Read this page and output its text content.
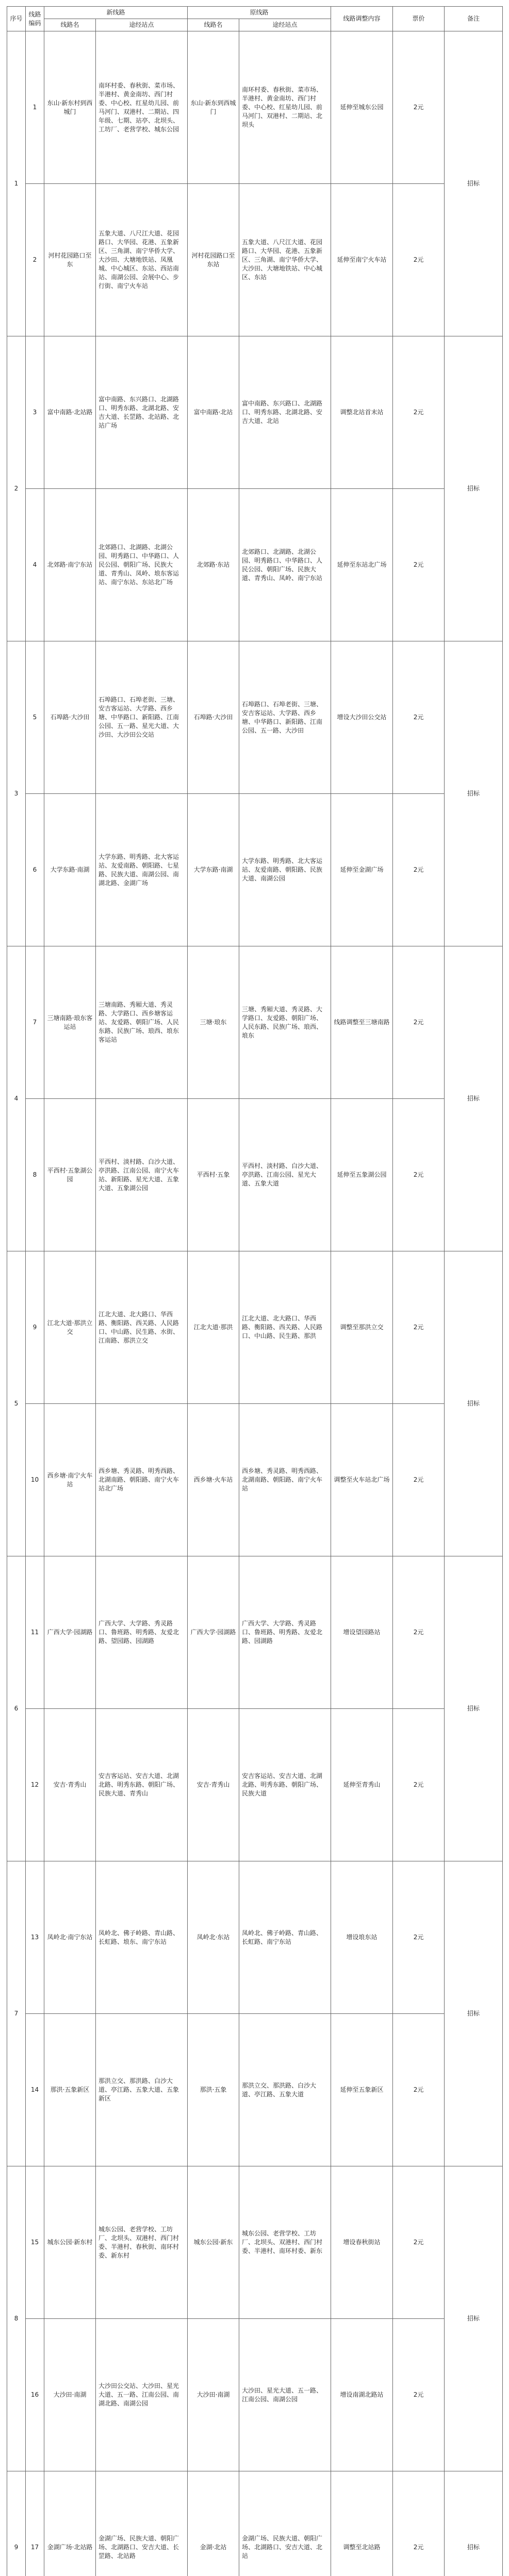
序号	线路编码	新线路		原线路		线路调整内容	票价	备注
		线路名	途经站点	线路名	途经站点			
1	1	东山·新东村到西城门	南环村委、春秋街、菜市场、半港村、黄金南坊、西门村委、中心校、红星幼儿园、前马河门、双港村、二期站、四年级、七期、站亭、北坝头、工坊厂、老营学校、城东公园	东山·新东到西城门	南环村委、春秋街、菜市场、半港村、黄金南坊、西门村委、中心校、红星幼儿园、前马河门、双港村、二期站、北坝头	延伸至城东公园	2元	招标
	2	河村花园路口至东	五象大道、八尺江大道、花园路口、大华园、花港、五象新区、三角湖、南宁华侨大学、大沙田、大塘地铁站、凤凰城、中心城区、东站、西站南站、南湖公园、会展中心、步行街、南宁火车站	河村花园路口至东站	五象大道、八尺江大道、花园路口、大华园、花港、五象新区、三角湖、南宁华侨大学、大沙田、大塘地铁站、中心城区、东站	延伸至南宁火车站	2元	
2	3	富中南路·北站路	富中南路、东兴路口、北湖路口、明秀东路、北湖北路、安吉大道、长罡路、北站路、北站广场	富中南路·北站	富中南路、东兴路口、北湖路口、明秀东路、北湖北路、安吉大道、北站	调整北站首末站	2元	招标
	4	北郊路·南宁东站	北郊路口、北湖路、北湖公园、明秀路口、中华路口、人民公园、朝阳广场、民族大道、青秀山、凤岭、埌东客运站、南宁东站、东站北广场	北郊路·东站	北郊路口、北湖路、北湖公园、明秀路口、中华路口、人民公园、朝阳广场、民族大道、青秀山、凤岭、南宁东站	延伸至东站北广场	2元	
3	5	石埠路·大沙田	石埠路口、石埠老街、三塘、安吉客运站、大学路、西乡塘、中华路口、新阳路、江南公园、五一路、星光大道、大沙田、大沙田公交站	石埠路·大沙田	石埠路口、石埠老街、三塘、安吉客运站、大学路、西乡塘、中华路口、新阳路、江南公园、五一路、大沙田	增设大沙田公交站	2元	招标
	6	大学东路·南湖	大学东路、明秀路、北大客运站、友爱南路、朝阳路、七星路、民族大道、南湖公园、南湖北路、金湖广场	大学东路·南湖	大学东路、明秀路、北大客运站、友爱南路、朝阳路、民族大道、南湖公园	延伸至金湖广场	2元	
4	7	三塘南路·琅东客运站	三塘南路、秀厢大道、秀灵路、大学路口、西乡塘客运站、友爱路、朝阳广场、人民东路、民族广场、琅西、埌东客运站	三塘·琅东	三塘、秀厢大道、秀灵路、大学路口、友爱路、朝阳广场、人民东路、民族广场、琅西、埌东	线路调整至三塘南路	2元	招标
	8	平西村·五象湖公园	平西村、淡村路、白沙大道、亭洪路、江南公园、南宁火车站、新阳路、星光大道、五象大道、五象湖公园	平西村·五象	平西村、淡村路、白沙大道、亭洪路、江南公园、星光大道、五象大道	延伸至五象湖公园	2元	
5	9	江北大道·那洪立交	江北大道、北大路口、华西路、衡阳路、西关路、人民路口、中山路、民生路、水街、江南路、那洪立交	江北大道·那洪	江北大道、北大路口、华西路、衡阳路、西关路、人民路口、中山路、民生路、那洪	调整至那洪立交	2元	招标
	10	西乡塘·南宁火车站	西乡塘、秀灵路、明秀西路、北湖南路、朝阳路、南宁火车站北广场	西乡塘·火车站	西乡塘、秀灵路、明秀西路、北湖南路、朝阳路、南宁火车站	调整至火车站北广场	2元	
6	11	广西大学·园湖路	广西大学、大学路、秀灵路口、鲁班路、明秀路、友爱北路、望园路、园湖路	广西大学·园湖路	广西大学、大学路、秀灵路口、鲁班路、明秀路、友爱北路、园湖路	增设望园路站	2元	招标
	12	安吉·青秀山	安吉客运站、安吉大道、北湖北路、明秀东路、朝阳广场、民族大道、青秀山	安吉·青秀山	安吉客运站、安吉大道、北湖北路、明秀东路、朝阳广场、民族大道	延伸至青秀山	2元	
7	13	凤岭北·南宁东站	凤岭北、佛子岭路、青山路、长虹路、埌东、南宁东站	凤岭北·东站	凤岭北、佛子岭路、青山路、长虹路、南宁东站	增设埌东站	2元	招标
	14	那洪·五象新区	那洪立交、那洪路、白沙大道、亭江路、五象大道、五象新区	那洪·五象	那洪立交、那洪路、白沙大道、亭江路、五象大道	延伸至五象新区	2元	
8	15	城东公园·新东村	城东公园、老营学校、工坊厂、北坝头、双港村、西门村委、半港村、春秋街、南环村委、新东村	城东公园·新东	城东公园、老营学校、工坊厂、北坝头、双港村、西门村委、半港村、南环村委、新东	增设春秋街站	2元	招标
	16	大沙田·南湖	大沙田公交站、大沙田、星光大道、五一路、江南公园、南湖北路、南湖公园	大沙田·南湖	大沙田、星光大道、五一路、江南公园、南湖公园	增设南湖北路站	2元	
9	17	金湖广场·北站路	金湖广场、民族大道、朝阳广场、北湖路口、安吉大道、长罡路、北站路	金湖·北站	金湖广场、民族大道、朝阳广场、北湖路口、安吉大道、北站	调整至北站路	2元	招标
